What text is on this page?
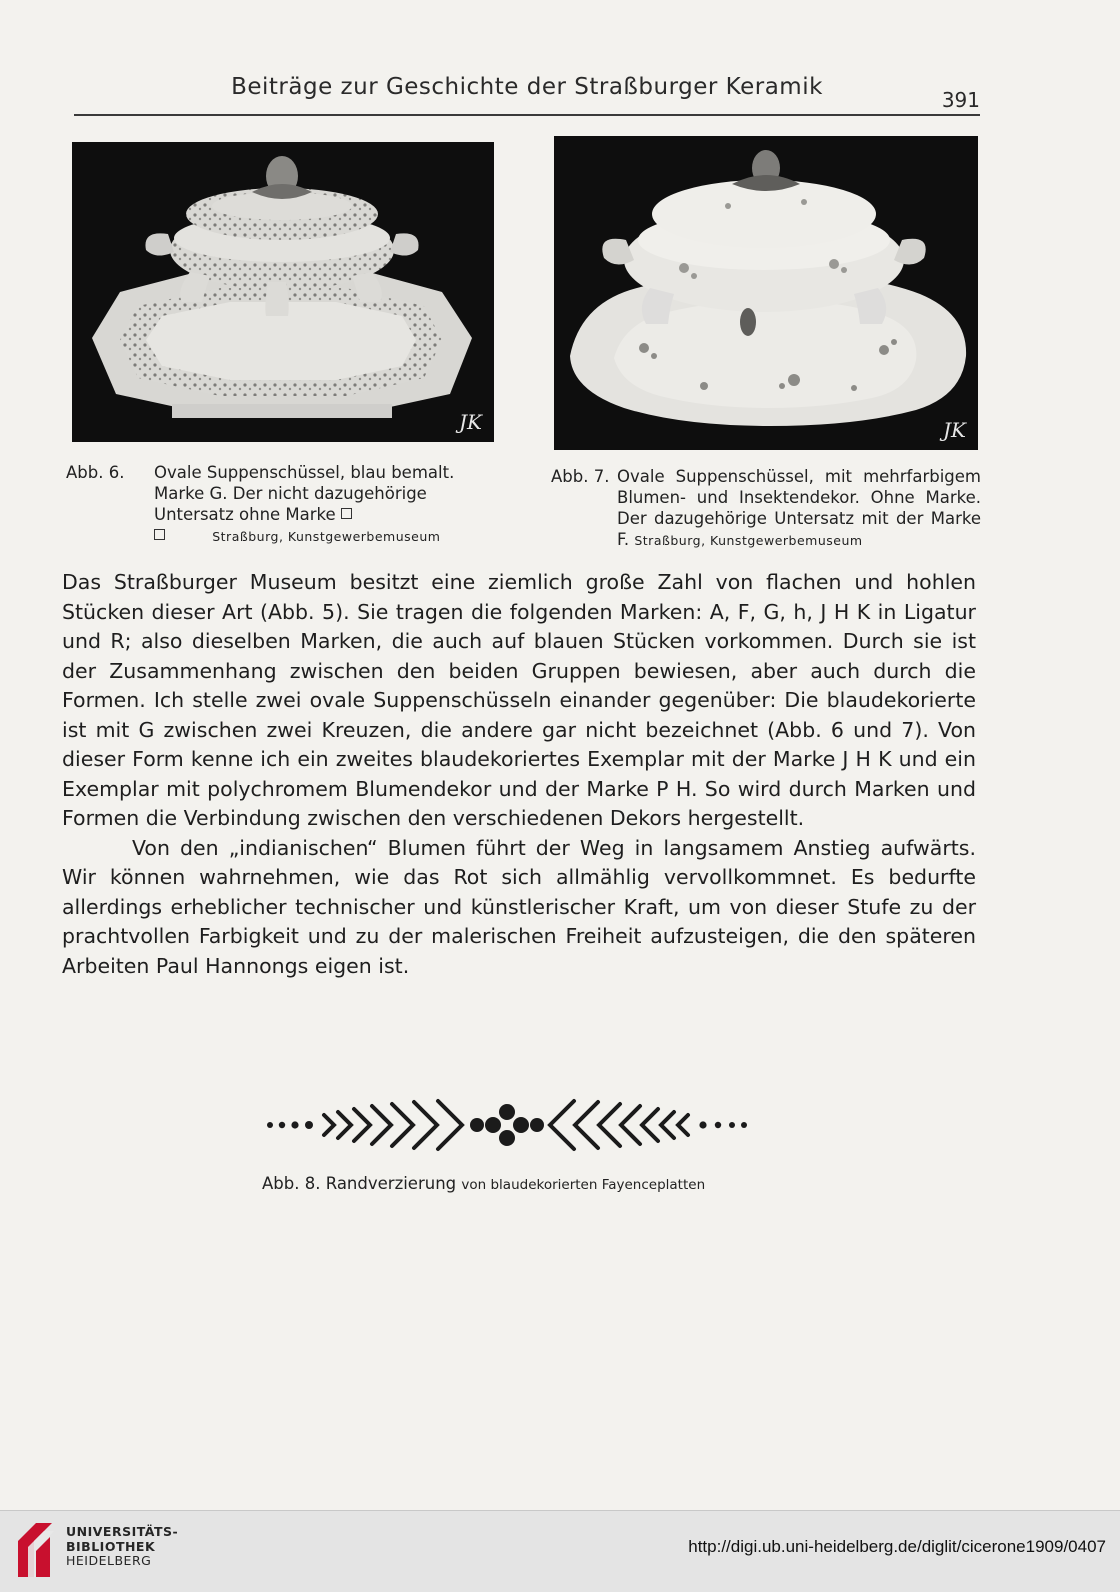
Beiträge zur Geschichte der Straßburger Keramik	391
JK	JK
Abb. 6. Ovale Suppenschüssel, blau bemalt. Marke G. Der nicht dazugehörige Untersatz ohne Marke
Straßburg, Kunstgewerbemuseum
Abb. 7. Ovale Suppenschüssel, mit mehrfarbigem Blumen- und Insektendekor. Ohne Marke. Der dazugehörige Untersatz mit der Marke F. Straßburg, Kunstgewerbemuseum

Das Straßburger Museum besitzt eine ziemlich große Zahl von flachen und hohlen Stücken dieser Art (Abb. 5). Sie tragen die folgenden Marken: A, F, G, h, J H K in Ligatur und R; also dieselben Marken, die auch auf blauen Stücken vorkommen. Durch sie ist der Zusammenhang zwischen den beiden Gruppen bewiesen, aber auch durch die Formen. Ich stelle zwei ovale Suppenschüsseln einander gegenüber: Die blaudekorierte ist mit G zwischen zwei Kreuzen, die andere gar nicht bezeichnet (Abb. 6 und 7). Von dieser Form kenne ich ein zweites blaudekoriertes Exemplar mit der Marke J H K und ein Exemplar mit polychromem Blumendekor und der Marke P H. So wird durch Marken und Formen die Verbindung zwischen den verschiedenen Dekors hergestellt.

Von den „indianischen“ Blumen führt der Weg in langsamem Anstieg aufwärts. Wir können wahrnehmen, wie das Rot sich allmählig vervollkommnet. Es bedurfte allerdings erheblicher technischer und künstlerischer Kraft, um von dieser Stufe zu der prachtvollen Farbigkeit und zu der malerischen Freiheit aufzusteigen, die den späteren Arbeiten Paul Hannongs eigen ist.

Abb. 8. Randverzierung von blaudekorierten Fayenceplatten
UNIVERSITÄTS-
BIBLIOTHEK
HEIDELBERG
http://digi.ub.uni-heidelberg.de/diglit/cicerone1909/0407
